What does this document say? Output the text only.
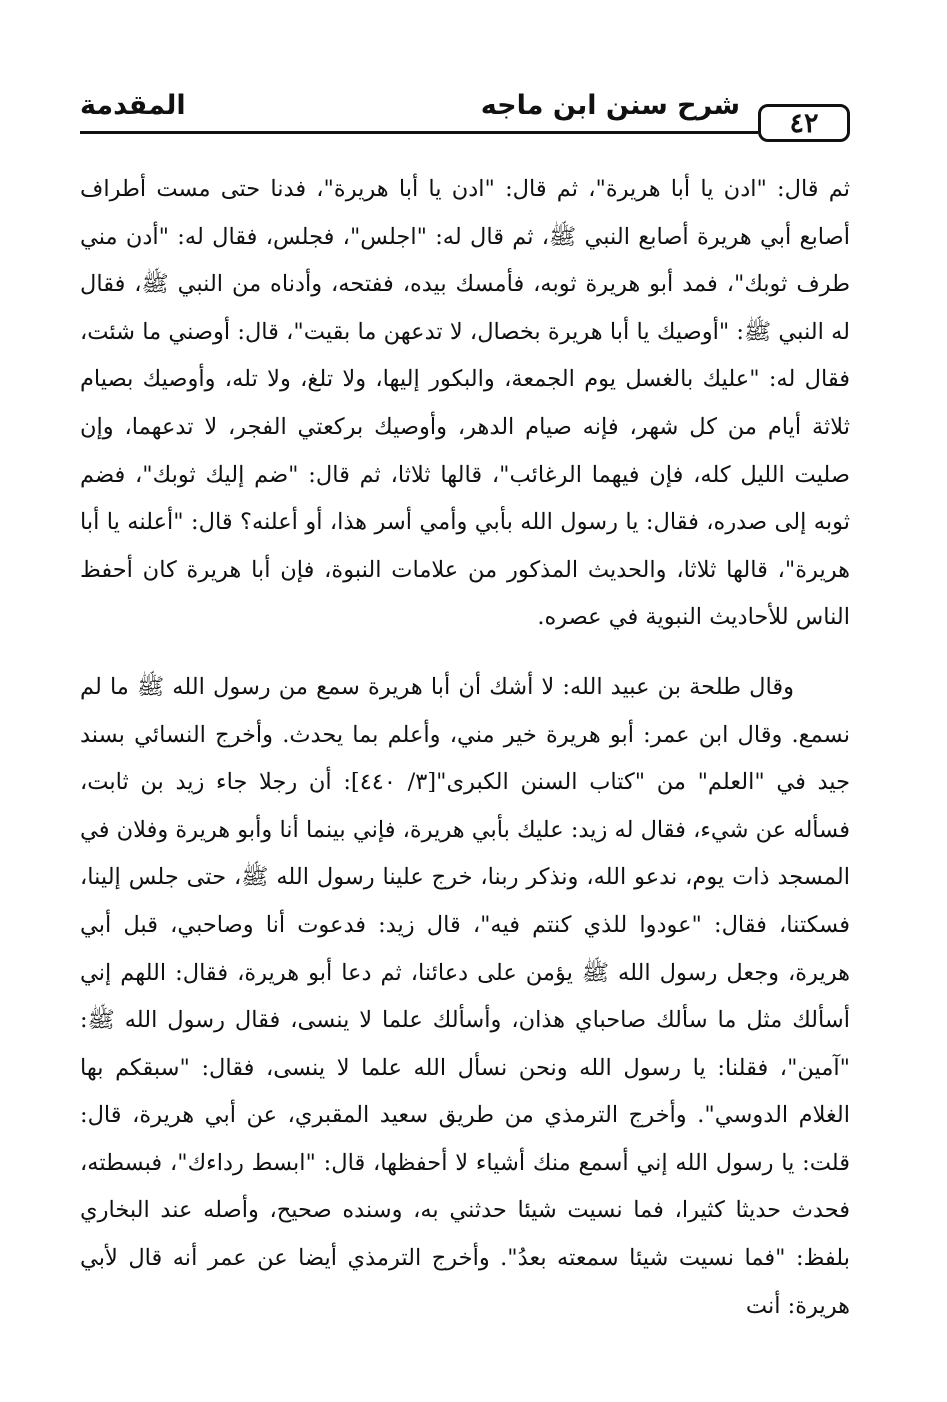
٤٢
شرح سنن ابن ماجه
المقدمة

ثم قال: "ادن يا أبا هريرة"، ثم قال: "ادن يا أبا هريرة"، فدنا حتى مست أطراف أصابع أبي هريرة أصابع النبي ﷺ، ثم قال له: "اجلس"، فجلس، فقال له: "أدن مني طرف ثوبك"، فمد أبو هريرة ثوبه، فأمسك بيده، ففتحه، وأدناه من النبي ﷺ، فقال له النبي ﷺ: "أوصيك يا أبا هريرة بخصال، لا تدعهن ما بقيت"، قال: أوصني ما شئت، فقال له: "عليك بالغسل يوم الجمعة، والبكور إليها، ولا تلغ، ولا تله، وأوصيك بصيام ثلاثة أيام من كل شهر، فإنه صيام الدهر، وأوصيك بركعتي الفجر، لا تدعهما، وإن صليت الليل كله، فإن فيهما الرغائب"، قالها ثلاثا، ثم قال: "ضم إليك ثوبك"، فضم ثوبه إلى صدره، فقال: يا رسول الله بأبي وأمي أسر هذا، أو أعلنه؟ قال: "أعلنه يا أبا هريرة"، قالها ثلاثا، والحديث المذكور من علامات النبوة، فإن أبا هريرة كان أحفظ الناس للأحاديث النبوية في عصره.

وقال طلحة بن عبيد الله: لا أشك أن أبا هريرة سمع من رسول الله ﷺ ما لم نسمع. وقال ابن عمر: أبو هريرة خير مني، وأعلم بما يحدث. وأخرج النسائي بسند جيد في "العلم" من "كتاب السنن الكبرى"[٣/ ٤٤٠]: أن رجلا جاء زيد بن ثابت، فسأله عن شيء، فقال له زيد: عليك بأبي هريرة، فإني بينما أنا وأبو هريرة وفلان في المسجد ذات يوم، ندعو الله، ونذكر ربنا، خرج علينا رسول الله ﷺ، حتى جلس إلينا، فسكتنا، فقال: "عودوا للذي كنتم فيه"، قال زيد: فدعوت أنا وصاحبي، قبل أبي هريرة، وجعل رسول الله ﷺ يؤمن على دعائنا، ثم دعا أبو هريرة، فقال: اللهم إني أسألك مثل ما سألك صاحباي هذان، وأسألك علما لا ينسى، فقال رسول الله ﷺ: "آمين"، فقلنا: يا رسول الله ونحن نسأل الله علما لا ينسى، فقال: "سبقكم بها الغلام الدوسي". وأخرج الترمذي من طريق سعيد المقبري، عن أبي هريرة، قال: قلت: يا رسول الله إني أسمع منك أشياء لا أحفظها، قال: "ابسط رداءك"، فبسطته، فحدث حديثا كثيرا، فما نسيت شيئا حدثني به، وسنده صحيح، وأصله عند البخاري بلفظ: "فما نسيت شيئا سمعته بعدُ". وأخرج الترمذي أيضا عن عمر أنه قال لأبي هريرة: أنت
